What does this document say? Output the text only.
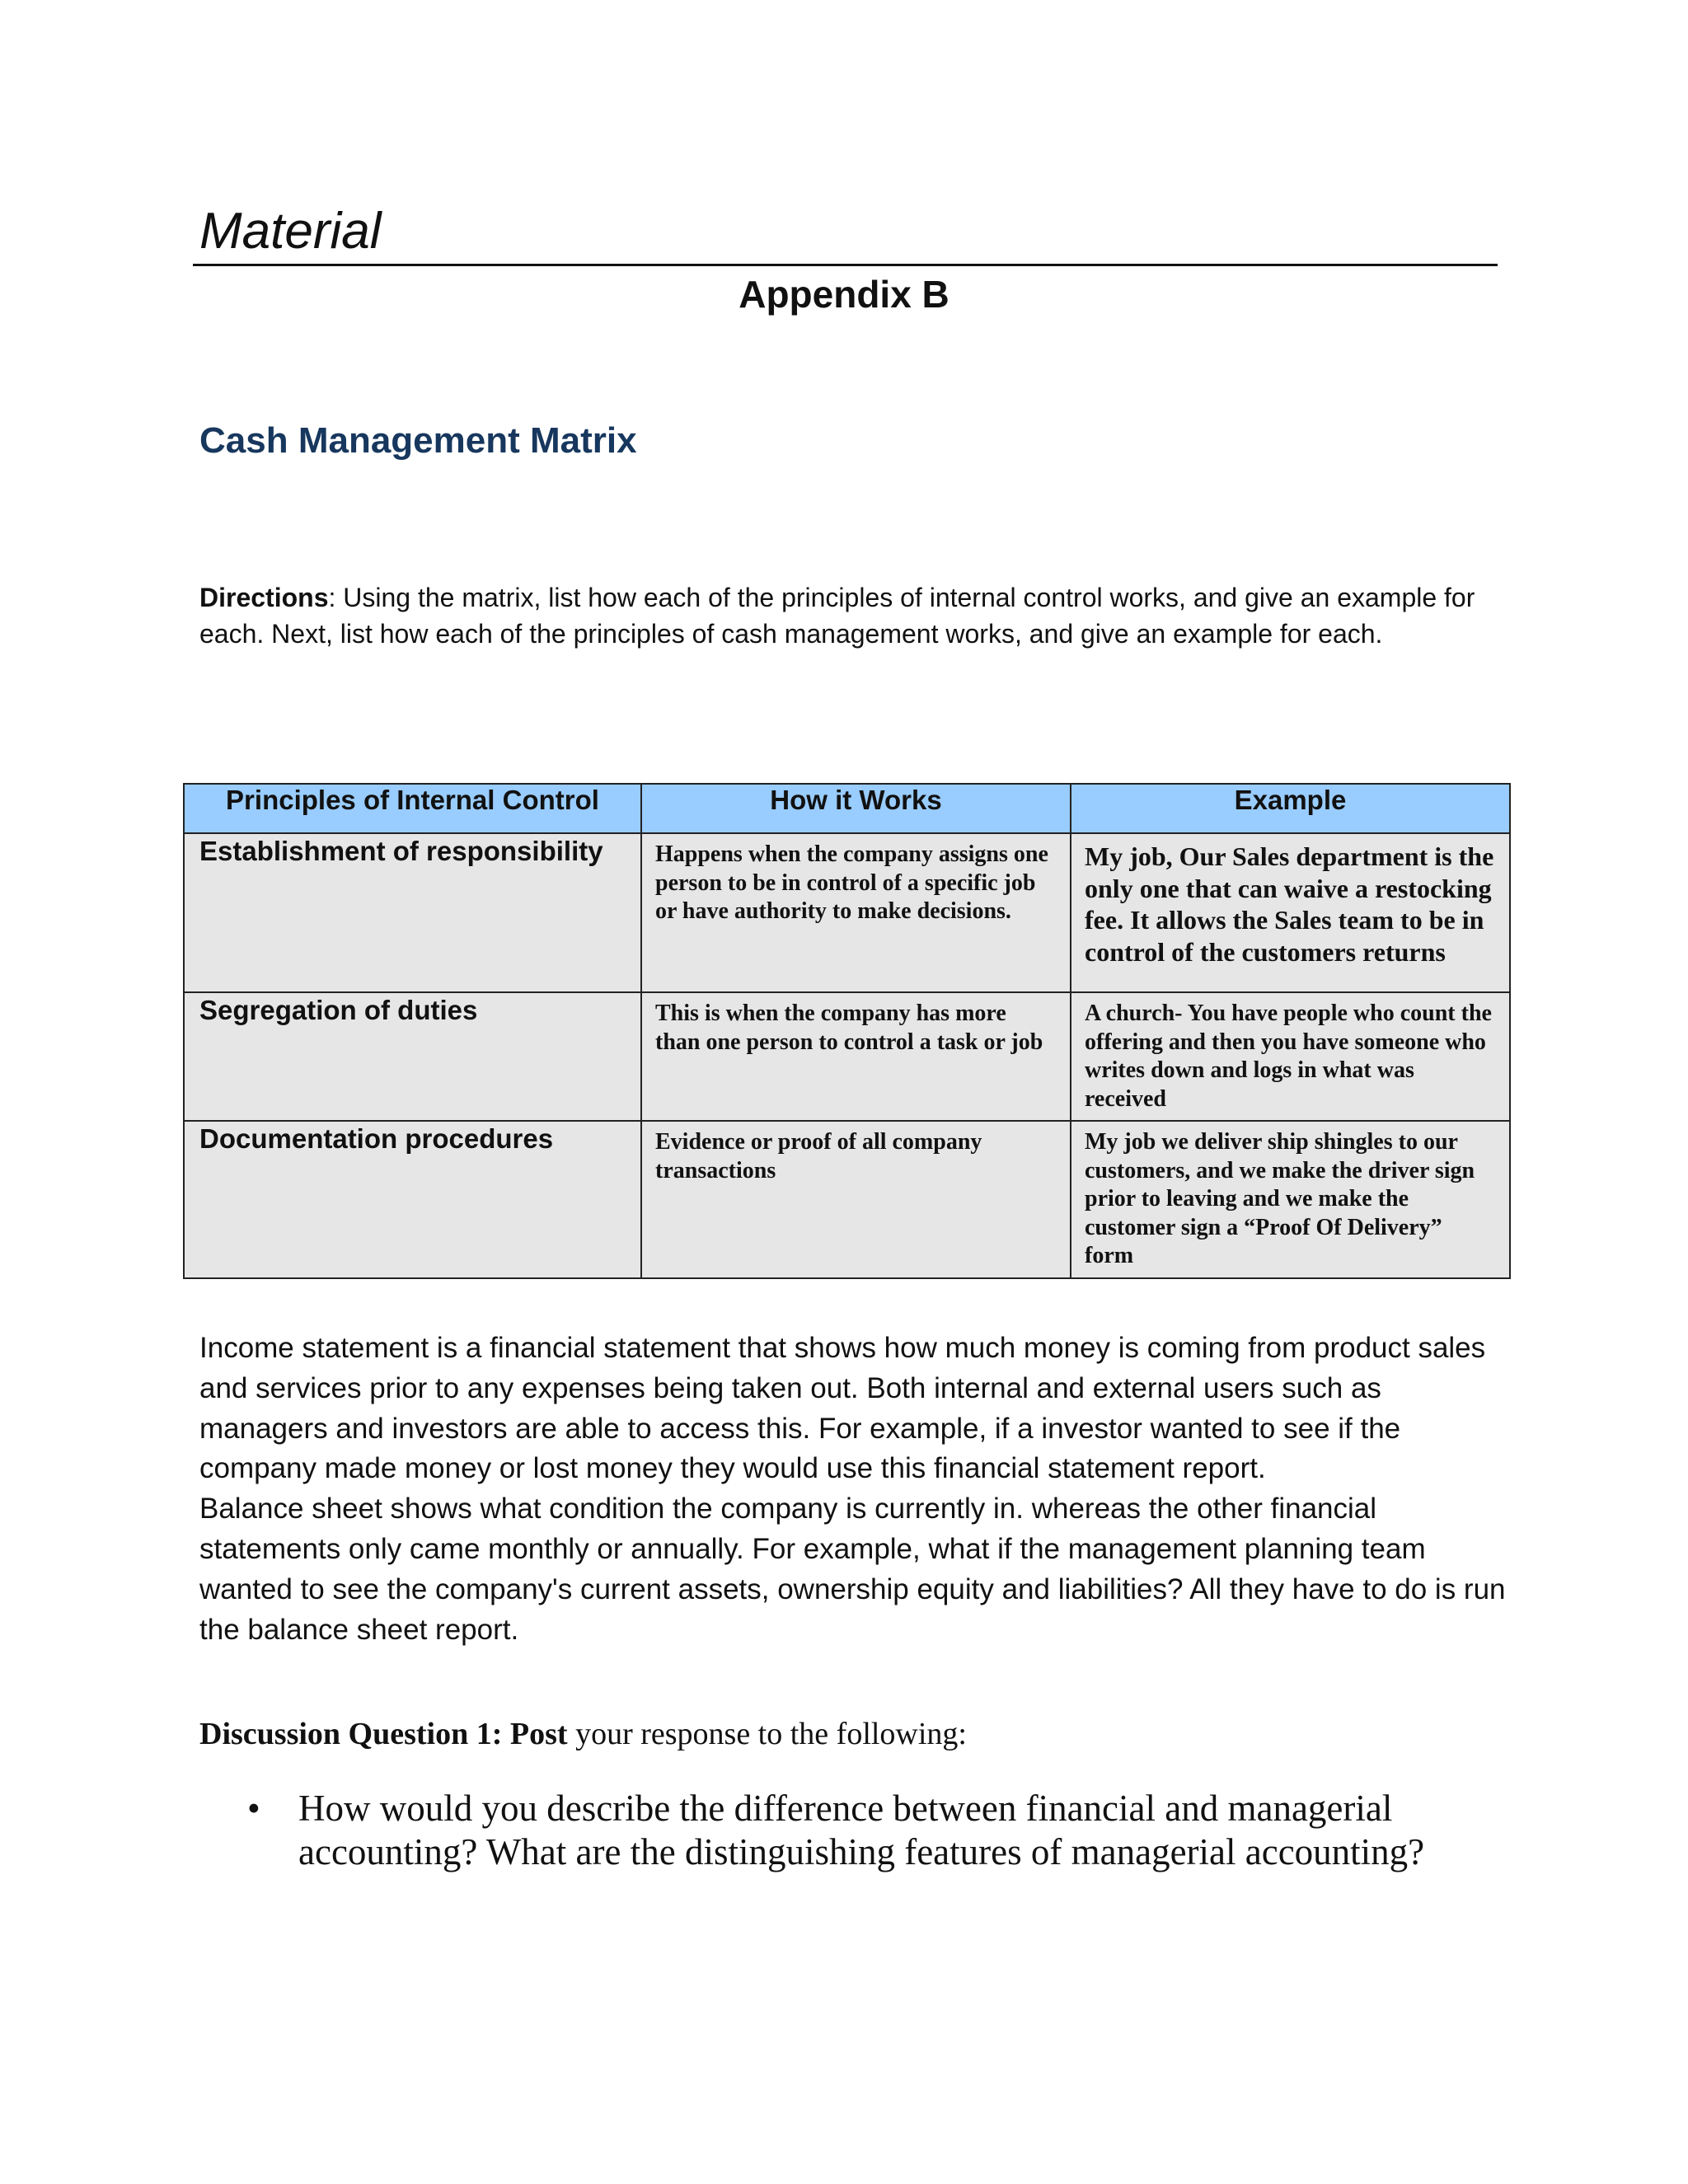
Material
Appendix B
Cash Management Matrix
Directions: Using the matrix, list how each of the principles of internal control works, and give an example for each. Next, list how each of the principles of cash management works, and give an example for each.
Principles of Internal Control	How it Works	Example
Establishment of responsibility	Happens when the company assigns one person to be in control of a specific job or have authority to make decisions.	My job, Our Sales department is the only one that can waive a restocking fee. It allows the Sales team to be in control of the customers returns
Segregation of duties	This is when the company has more than one person to control a task or job	A church- You have people who count the offering and then you have someone who writes down and logs in what was received
Documentation procedures	Evidence or proof of all company transactions	My job we deliver ship shingles to our customers, and we make the driver sign prior to leaving and we make the customer sign a “Proof Of Delivery” form

Income statement is a financial statement that shows how much money is coming from product sales and services prior to any expenses being taken out. Both internal and external users such as managers and investors are able to access this. For example, if a investor wanted to see if the company made money or lost money they would use this financial statement report.

Balance sheet shows what condition the company is currently in. whereas the other financial statements only came monthly or annually. For example, what if the management planning team wanted to see the company's current assets, ownership equity and liabilities? All they have to do is run the balance sheet report.

Discussion Question 1: Post your response to the following:
• How would you describe the difference between financial and managerial accounting? What are the distinguishing features of managerial accounting?
